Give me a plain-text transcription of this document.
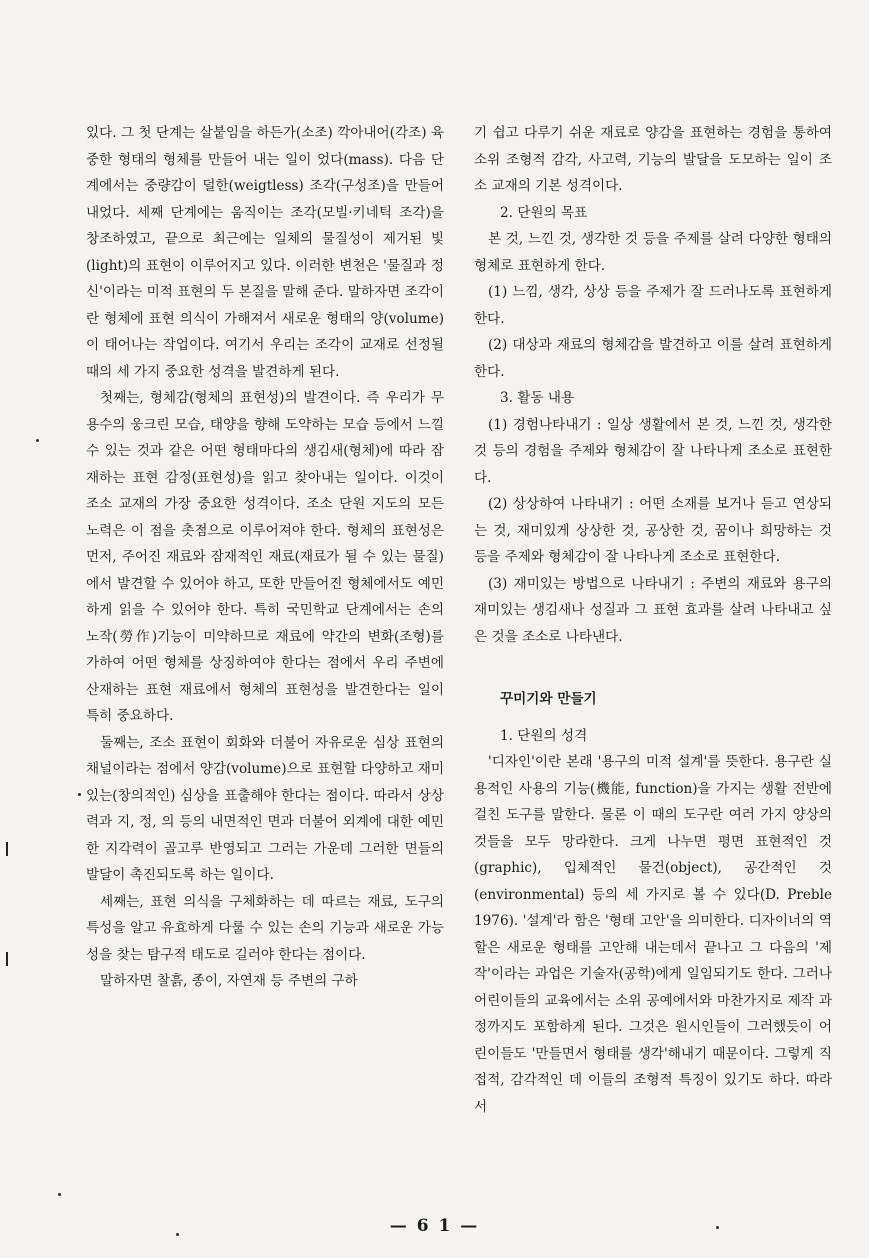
있다. 그 첫 단계는 살붙임을 하든가(소조) 깍아내어(각조) 육중한 형태의 형체를 만들어 내는 일이 었다(mass). 다음 단계에서는 중량감이 덜한(weigtless) 조각(구성조)을 만들어 내었다. 세째 단계에는 움직이는 조각(모빌·키네틱 조각)을 창조하였고, 끝으로 최근에는 일체의 물질성이 제거된 빛(light)의 표현이 이루어지고 있다. 이러한 변천은 '물질과 정신'이라는 미적 표현의 두 본질을 말해 준다. 말하자면 조각이란 형체에 표현 의식이 가해져서 새로운 형태의 양(volume)이 태어나는 작업이다. 여기서 우리는 조각이 교재로 선정될 때의 세 가지 중요한 성격을 발견하게 된다.

첫째는, 형체감(형체의 표현성)의 발견이다. 즉 우리가 무용수의 웅크린 모습, 태양을 향해 도약하는 모습 등에서 느낄 수 있는 것과 같은 어떤 형태마다의 생김새(형체)에 따라 잠재하는 표현 감정(표현성)을 읽고 찾아내는 일이다. 이것이 조소 교재의 가장 중요한 성격이다. 조소 단원 지도의 모든 노력은 이 점을 촛점으로 이루어져야 한다. 형체의 표현성은 먼저, 주어진 재료와 잠재적인 재료(재료가 될 수 있는 물질)에서 발견할 수 있어야 하고, 또한 만들어진 형체에서도 예민하게 읽을 수 있어야 한다. 특히 국민학교 단계에서는 손의 노작(勞作)기능이 미약하므로 재료에 약간의 변화(조형)를 가하여 어떤 형체를 상징하여야 한다는 점에서 우리 주변에 산재하는 표현 재료에서 형체의 표현성을 발견한다는 일이 특히 중요하다.

둘째는, 조소 표현이 회화와 더불어 자유로운 심상 표현의 채널이라는 점에서 양감(volume)으로 표현할 다양하고 재미있는(창의적인) 심상을 표출해야 한다는 점이다. 따라서 상상력과 지, 정, 의 등의 내면적인 면과 더불어 외계에 대한 예민한 지각력이 골고루 반영되고 그러는 가운데 그러한 면들의 발달이 촉진되도록 하는 일이다.

세째는, 표현 의식을 구체화하는 데 따르는 재료, 도구의 특성을 알고 유효하게 다룰 수 있는 손의 기능과 새로운 가능성을 찾는 탐구적 태도로 길러야 한다는 점이다.

말하자면 찰흙, 종이, 자연재 등 주변의 구하

기 쉽고 다루기 쉬운 재료로 양감을 표현하는 경험을 통하여 소위 조형적 감각, 사고력, 기능의 발달을 도모하는 일이 조소 교재의 기본 성격이다.

2. 단원의 목표

본 것, 느낀 것, 생각한 것 등을 주제를 살려 다양한 형태의 형체로 표현하게 한다.

(1) 느낌, 생각, 상상 등을 주제가 잘 드러나도록 표현하게 한다.

(2) 대상과 재료의 형체감을 발견하고 이를 살려 표현하게 한다.

3. 활동 내용

(1) 경험나타내기 : 일상 생활에서 본 것, 느낀 것, 생각한 것 등의 경험을 주제와 형체감이 잘 나타나게 조소로 표현한다.

(2) 상상하여 나타내기 : 어떤 소재를 보거나 듣고 연상되는 것, 재미있게 상상한 것, 공상한 것, 꿈이나 희망하는 것 등을 주제와 형체감이 잘 나타나게 조소로 표현한다.

(3) 재미있는 방법으로 나타내기 : 주변의 재료와 용구의 재미있는 생김새나 성질과 그 표현 효과를 살려 나타내고 싶은 것을 조소로 나타낸다.

꾸미기와 만들기

1. 단원의 성격

'디자인'이란 본래 '용구의 미적 설계'를 뜻한다. 용구란 실용적인 사용의 기능(機能, function)을 가지는 생활 전반에 걸친 도구를 말한다. 물론 이 때의 도구란 여러 가지 양상의 것들을 모두 망라한다. 크게 나누면 평면 표현적인 것(graphic), 입체적인 물건(object), 공간적인 것(environmental) 등의 세 가지로 볼 수 있다(D. Preble 1976). '설계'라 함은 '형태 고안'을 의미한다. 디자이너의 역할은 새로운 형태를 고안해 내는데서 끝나고 그 다음의 '제작'이라는 과업은 기술자(공학)에게 일임되기도 한다. 그러나 어린이들의 교육에서는 소위 공예에서와 마찬가지로 제작 과정까지도 포함하게 된다. 그것은 원시인들이 그러했듯이 어린이들도 '만들면서 형태를 생각'해내기 때문이다. 그렇게 직접적, 감각적인 데 이들의 조형적 특징이 있기도 하다. 따라서

— 6 1 —
